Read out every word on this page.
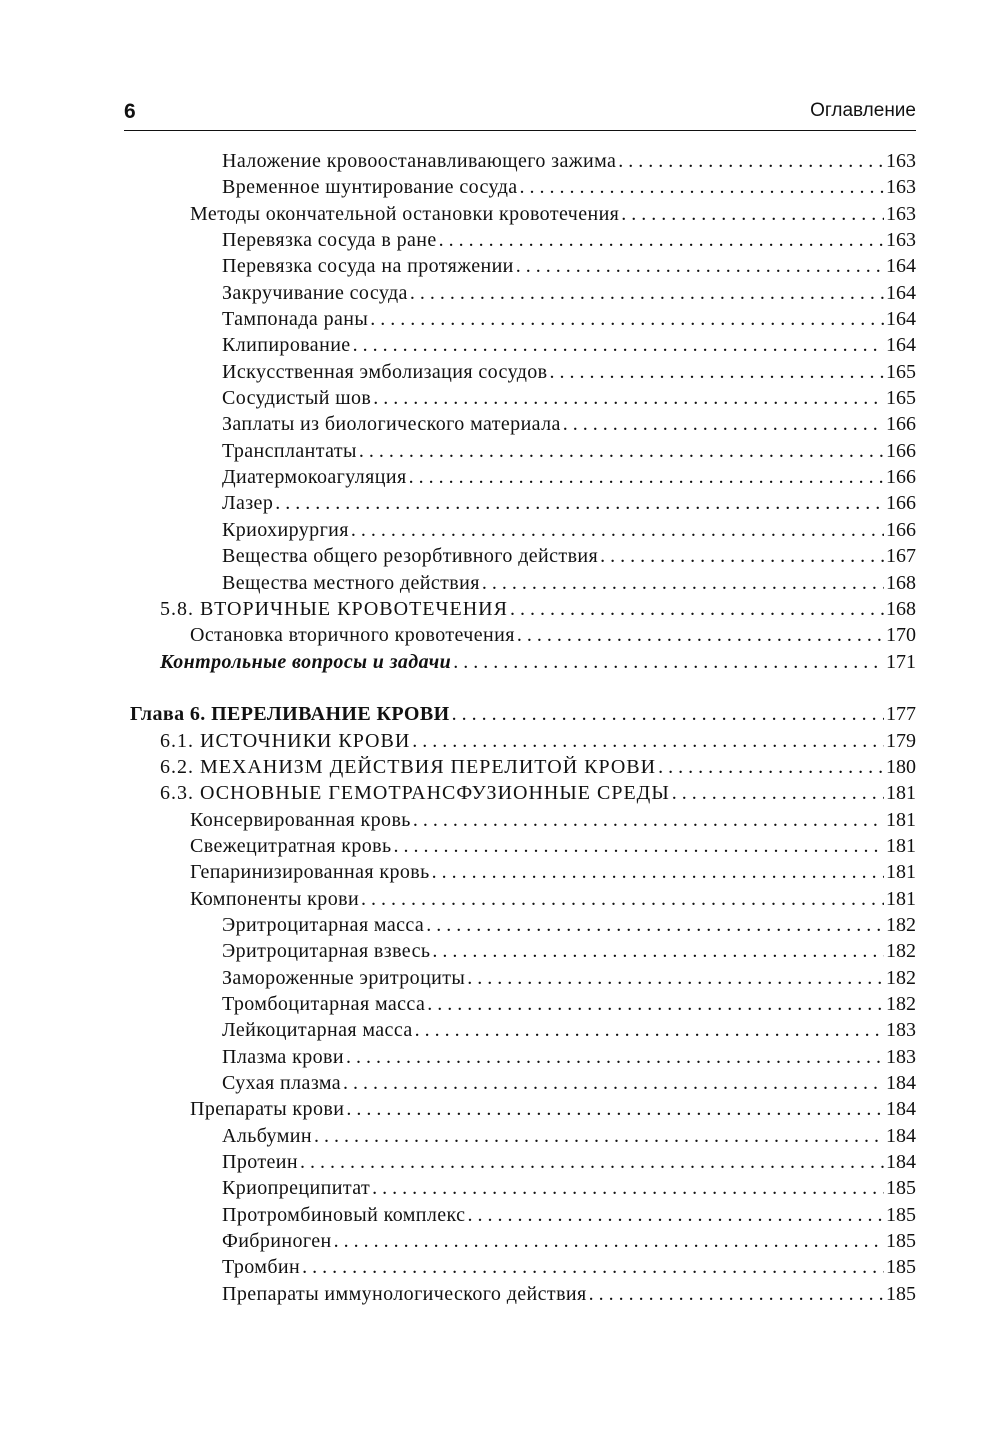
6	Оглавление
Наложение кровоостанавливающего зажима . . .	163
Временное шунтирование сосуда . . .	163
Методы окончательной остановки кровотечения . . .	163
Перевязка сосуда в ране . . .	163
Перевязка сосуда на протяжении . . .	164
Закручивание сосуда . . .	164
Тампонада раны . . .	164
Клипирование . . .	164
Искусственная эмболизация сосудов . . .	165
Сосудистый шов . . .	165
Заплаты из биологического материала . . .	166
Трансплантаты . . .	166
Диатермокоагуляция . . .	166
Лазер . . .	166
Криохирургия . . .	166
Вещества общего резорбтивного действия . . .	167
Вещества местного действия . . .	168
5.8. ВТОРИЧНЫЕ КРОВОТЕЧЕНИЯ . . .	168
Остановка вторичного кровотечения . . .	170
Контрольные вопросы и задачи . . .	171
Глава 6. ПЕРЕЛИВАНИЕ КРОВИ . . .	177
6.1. ИСТОЧНИКИ КРОВИ . . .	179
6.2. МЕХАНИЗМ ДЕЙСТВИЯ ПЕРЕЛИТОЙ КРОВИ . . .	180
6.3. ОСНОВНЫЕ ГЕМОТРАНСФУЗИОННЫЕ СРЕДЫ . . .	181
Консервированная кровь . . .	181
Свежецитратная кровь . . .	181
Гепаринизированная кровь . . .	181
Компоненты крови . . .	181
Эритроцитарная масса . . .	182
Эритроцитарная взвесь . . .	182
Замороженные эритроциты . . .	182
Тромбоцитарная масса . . .	182
Лейкоцитарная масса . . .	183
Плазма крови . . .	183
Сухая плазма . . .	184
Препараты крови . . .	184
Альбумин . . .	184
Протеин . . .	184
Криопреципитат . . .	185
Протромбиновый комплекс . . .	185
Фибриноген . . .	185
Тромбин . . .	185
Препараты иммунологического действия . . .	185
